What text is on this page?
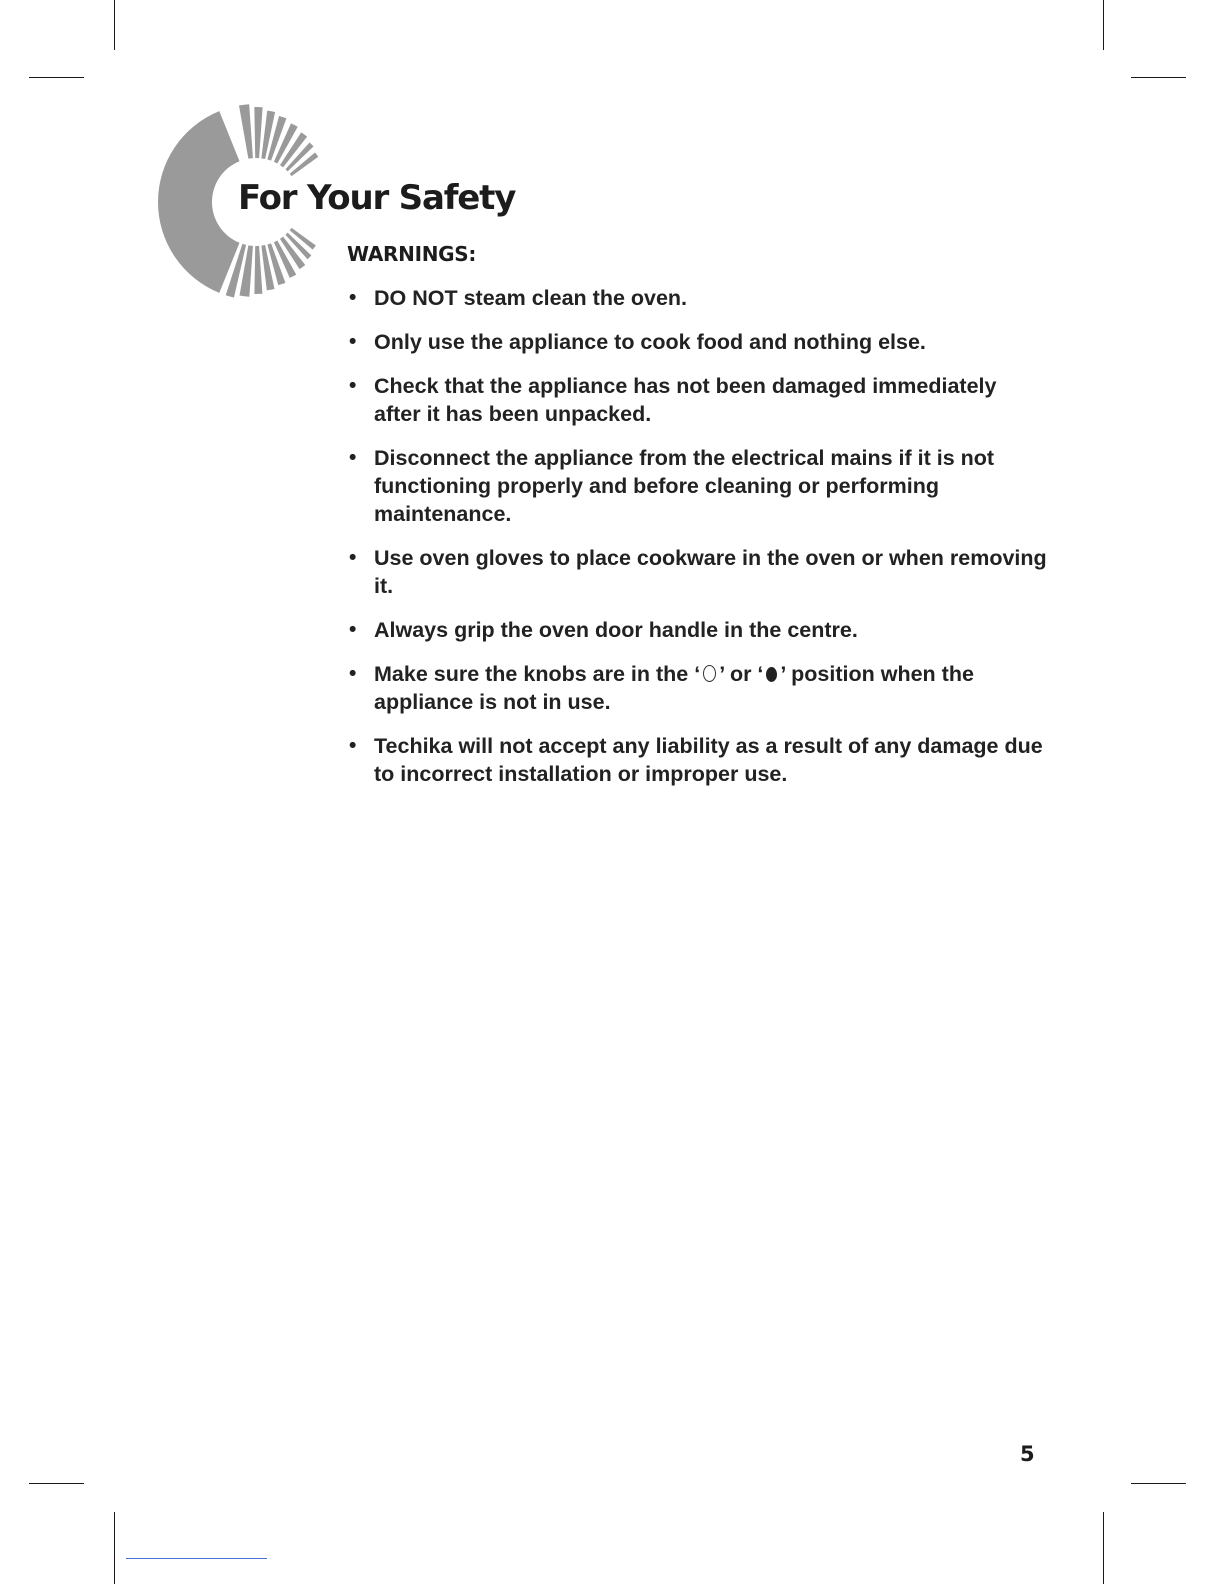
For Your Safety
WARNINGS:
• DO NOT steam clean the oven.
• Only use the appliance to cook food and nothing else.
• Check that the appliance has not been damaged immediately after it has been unpacked.
• Disconnect the appliance from the electrical mains if it is not functioning properly and before cleaning or performing maintenance.
• Use oven gloves to place cookware in the oven or when removing it.
• Always grip the oven door handle in the centre.
• Make sure the knobs are in the ‘ ’ or ‘ ’ position when the appliance is not in use.
• Techika will not accept any liability as a result of any damage due to incorrect installation or improper use.
5
